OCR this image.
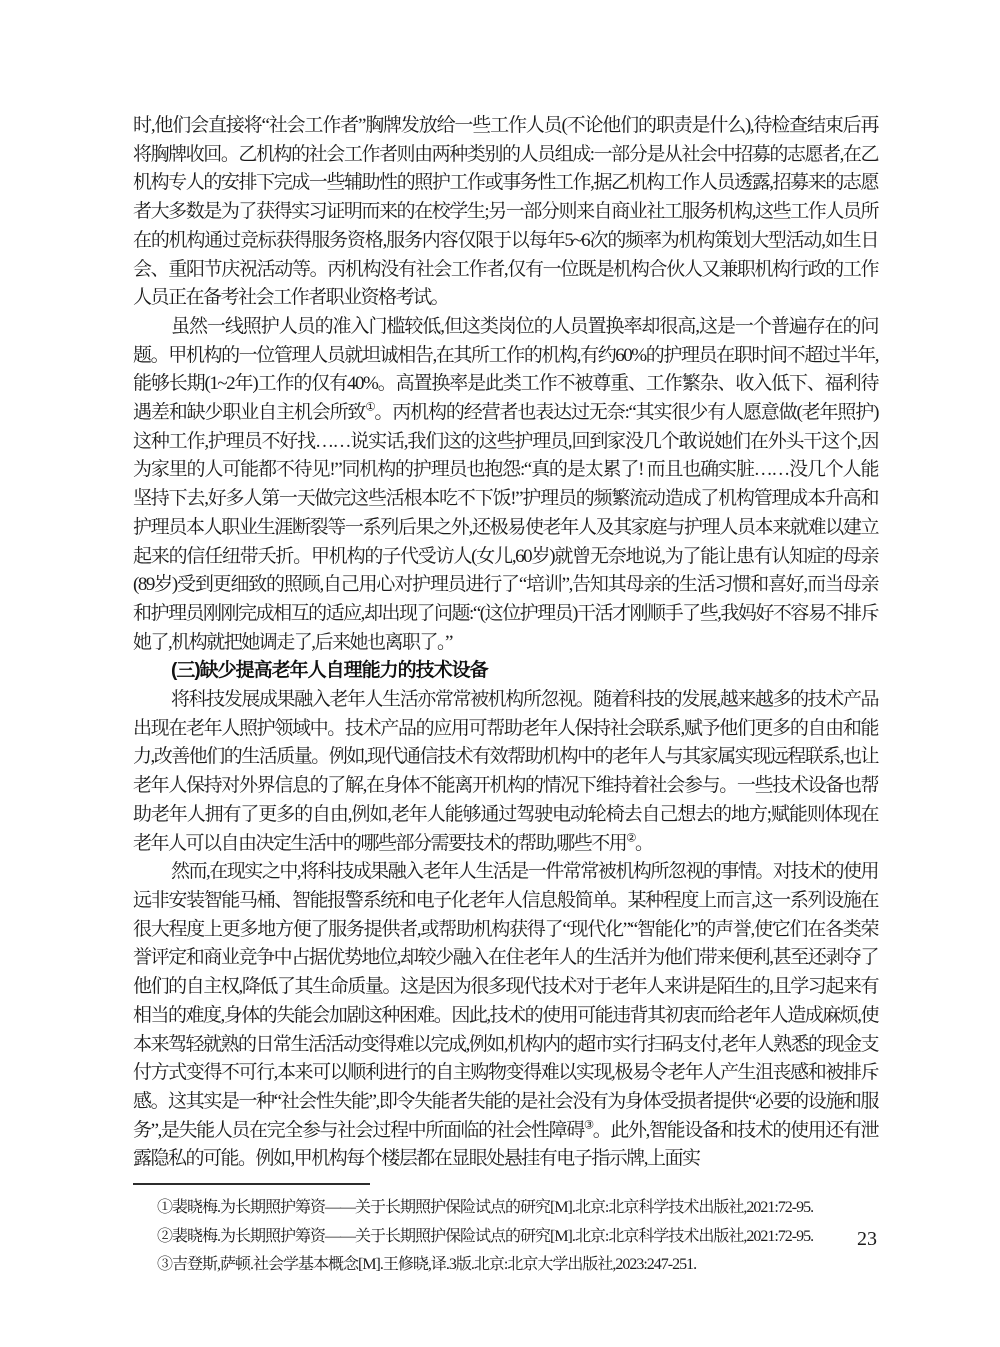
时,他们会直接将“社会工作者”胸牌发放给一些工作人员(不论他们的职责是什么),待检查结束后再将胸牌收回。乙机构的社会工作者则由两种类别的人员组成:一部分是从社会中招募的志愿者,在乙机构专人的安排下完成一些辅助性的照护工作或事务性工作,据乙机构工作人员透露,招募来的志愿者大多数是为了获得实习证明而来的在校学生;另一部分则来自商业社工服务机构,这些工作人员所在的机构通过竞标获得服务资格,服务内容仅限于以每年5~6次的频率为机构策划大型活动,如生日会、重阳节庆祝活动等。丙机构没有社会工作者,仅有一位既是机构合伙人又兼职机构行政的工作人员正在备考社会工作者职业资格考试。

虽然一线照护人员的准入门槛较低,但这类岗位的人员置换率却很高,这是一个普遍存在的问题。甲机构的一位管理人员就坦诚相告,在其所工作的机构,有约60%的护理员在职时间不超过半年,能够长期(1~2年)工作的仅有40%。高置换率是此类工作不被尊重、工作繁杂、收入低下、福利待遇差和缺少职业自主机会所致①。丙机构的经营者也表达过无奈:“其实很少有人愿意做(老年照护)这种工作,护理员不好找……说实话,我们这的这些护理员,回到家没几个敢说她们在外头干这个,因为家里的人可能都不待见!”同机构的护理员也抱怨:“真的是太累了! 而且也确实脏……没几个人能坚持下去,好多人第一天做完这些活根本吃不下饭!”护理员的频繁流动造成了机构管理成本升高和护理员本人职业生涯断裂等一系列后果之外,还极易使老年人及其家庭与护理人员本来就难以建立起来的信任纽带夭折。甲机构的子代受访人(女儿,60岁)就曾无奈地说,为了能让患有认知症的母亲(89岁)受到更细致的照顾,自己用心对护理员进行了“培训”,告知其母亲的生活习惯和喜好,而当母亲和护理员刚刚完成相互的适应,却出现了问题:“(这位护理员)干活才刚顺手了些,我妈好不容易不排斥她了,机构就把她调走了,后来她也离职了。”

(三)缺少提高老年人自理能力的技术设备

将科技发展成果融入老年人生活亦常常被机构所忽视。随着科技的发展,越来越多的技术产品出现在老年人照护领域中。技术产品的应用可帮助老年人保持社会联系,赋予他们更多的自由和能力,改善他们的生活质量。例如,现代通信技术有效帮助机构中的老年人与其家属实现远程联系,也让老年人保持对外界信息的了解,在身体不能离开机构的情况下维持着社会参与。一些技术设备也帮助老年人拥有了更多的自由,例如,老年人能够通过驾驶电动轮椅去自己想去的地方;赋能则体现在老年人可以自由决定生活中的哪些部分需要技术的帮助,哪些不用②。

然而,在现实之中,将科技成果融入老年人生活是一件常常被机构所忽视的事情。对技术的使用远非安装智能马桶、智能报警系统和电子化老年人信息般简单。某种程度上而言,这一系列设施在很大程度上更多地方便了服务提供者,或帮助机构获得了“现代化”“智能化”的声誉,使它们在各类荣誉评定和商业竞争中占据优势地位,却较少融入在住老年人的生活并为他们带来便利,甚至还剥夺了他们的自主权,降低了其生命质量。这是因为很多现代技术对于老年人来讲是陌生的,且学习起来有相当的难度,身体的失能会加剧这种困难。因此,技术的使用可能违背其初衷而给老年人造成麻烦,使本来驾轻就熟的日常生活活动变得难以完成,例如,机构内的超市实行扫码支付,老年人熟悉的现金支付方式变得不可行,本来可以顺利进行的自主购物变得难以实现,极易令老年人产生沮丧感和被排斥感。这其实是一种“社会性失能”,即令失能者失能的是社会没有为身体受损者提供“必要的设施和服务”,是失能人员在完全参与社会过程中所面临的社会性障碍③。此外,智能设备和技术的使用还有泄露隐私的可能。例如,甲机构每个楼层都在显眼处悬挂有电子指示牌,上面实

①裴晓梅.为长期照护筹资——关于长期照护保险试点的研究[M].北京:北京科学技术出版社,2021:72-95.

②裴晓梅.为长期照护筹资——关于长期照护保险试点的研究[M].北京:北京科学技术出版社,2021:72-95.

③吉登斯,萨顿.社会学基本概念[M].王修晓,译.3版.北京:北京大学出版社,2023:247-251.

23
